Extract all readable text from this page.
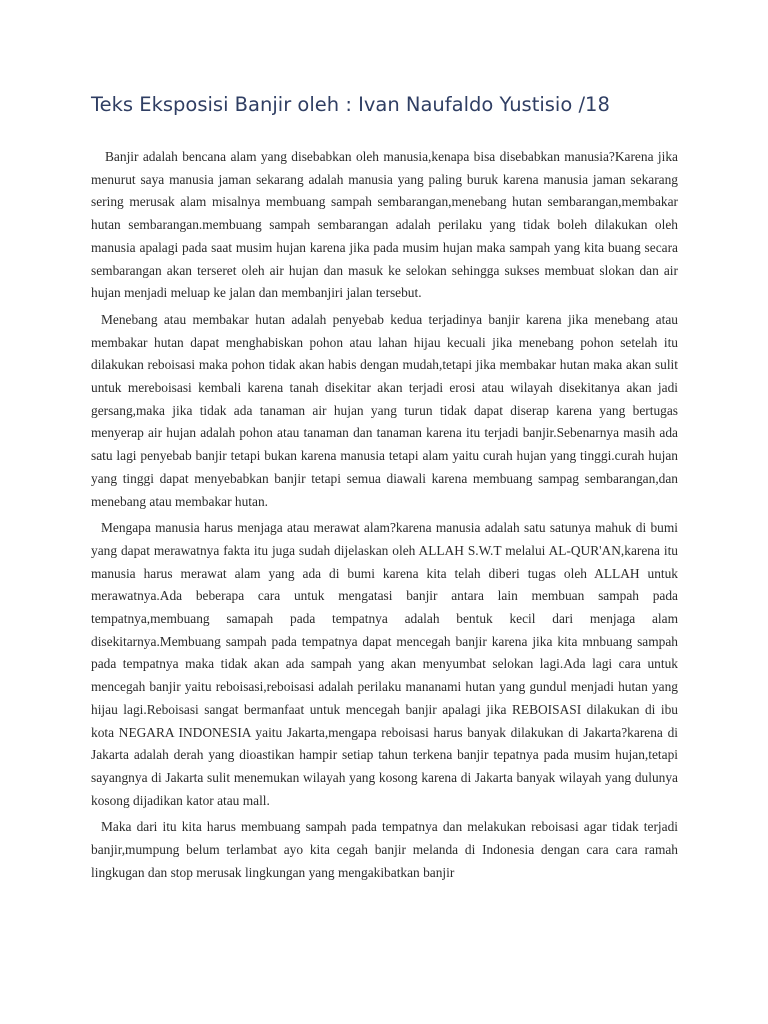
Teks Eksposisi Banjir oleh : Ivan Naufaldo Yustisio /18

Banjir adalah bencana alam yang disebabkan oleh manusia,kenapa bisa disebabkan manusia?Karena jika menurut saya manusia jaman sekarang adalah manusia yang paling buruk karena manusia jaman sekarang sering merusak alam misalnya membuang sampah sembarangan,menebang hutan sembarangan,membakar hutan sembarangan.membuang sampah sembarangan adalah perilaku yang tidak boleh dilakukan oleh manusia apalagi pada saat musim hujan karena jika pada musim hujan maka sampah yang kita buang secara sembarangan akan terseret oleh air hujan dan masuk ke selokan sehingga sukses membuat slokan dan air hujan menjadi meluap ke jalan dan membanjiri jalan tersebut.

Menebang atau membakar hutan adalah penyebab kedua terjadinya banjir karena jika menebang atau membakar hutan dapat menghabiskan pohon atau lahan hijau kecuali jika menebang pohon setelah itu dilakukan reboisasi maka pohon tidak akan habis dengan mudah,tetapi jika membakar hutan maka akan sulit untuk mereboisasi kembali karena tanah disekitar akan terjadi erosi atau wilayah disekitanya akan jadi gersang,maka jika tidak ada tanaman air hujan yang turun tidak dapat diserap karena yang bertugas menyerap air hujan adalah pohon atau tanaman dan tanaman karena itu terjadi banjir.Sebenarnya masih ada satu lagi penyebab banjir tetapi bukan karena manusia tetapi alam yaitu curah hujan yang tinggi.curah hujan yang tinggi dapat menyebabkan banjir tetapi semua diawali karena membuang sampag sembarangan,dan menebang atau membakar hutan.

Mengapa manusia harus menjaga atau merawat alam?karena manusia adalah satu satunya mahuk di bumi yang dapat merawatnya fakta itu juga sudah dijelaskan oleh ALLAH S.W.T melalui AL-QUR'AN,karena itu manusia harus merawat alam yang ada di bumi karena kita telah diberi tugas oleh ALLAH untuk merawatnya.Ada beberapa cara untuk mengatasi banjir antara lain membuan sampah pada tempatnya,membuang samapah pada tempatnya adalah bentuk kecil dari menjaga alam disekitarnya.Membuang sampah pada tempatnya dapat mencegah banjir karena jika kita mnbuang sampah pada tempatnya maka tidak akan ada sampah yang akan menyumbat selokan lagi.Ada lagi cara untuk mencegah banjir yaitu reboisasi,reboisasi adalah perilaku mananami hutan yang gundul menjadi hutan yang hijau lagi.Reboisasi sangat bermanfaat untuk mencegah banjir apalagi jika REBOISASI dilakukan di ibu kota NEGARA INDONESIA yaitu Jakarta,mengapa reboisasi harus banyak dilakukan di Jakarta?karena di Jakarta adalah derah yang dioastikan hampir setiap tahun terkena banjir tepatnya pada musim hujan,tetapi sayangnya di Jakarta sulit menemukan wilayah yang kosong karena di Jakarta banyak wilayah yang dulunya kosong dijadikan kator atau mall.

Maka dari itu kita harus membuang sampah pada tempatnya dan melakukan reboisasi agar tidak terjadi banjir,mumpung belum terlambat ayo kita cegah banjir melanda di Indonesia dengan cara cara ramah lingkugan dan stop merusak lingkungan yang mengakibatkan banjir
